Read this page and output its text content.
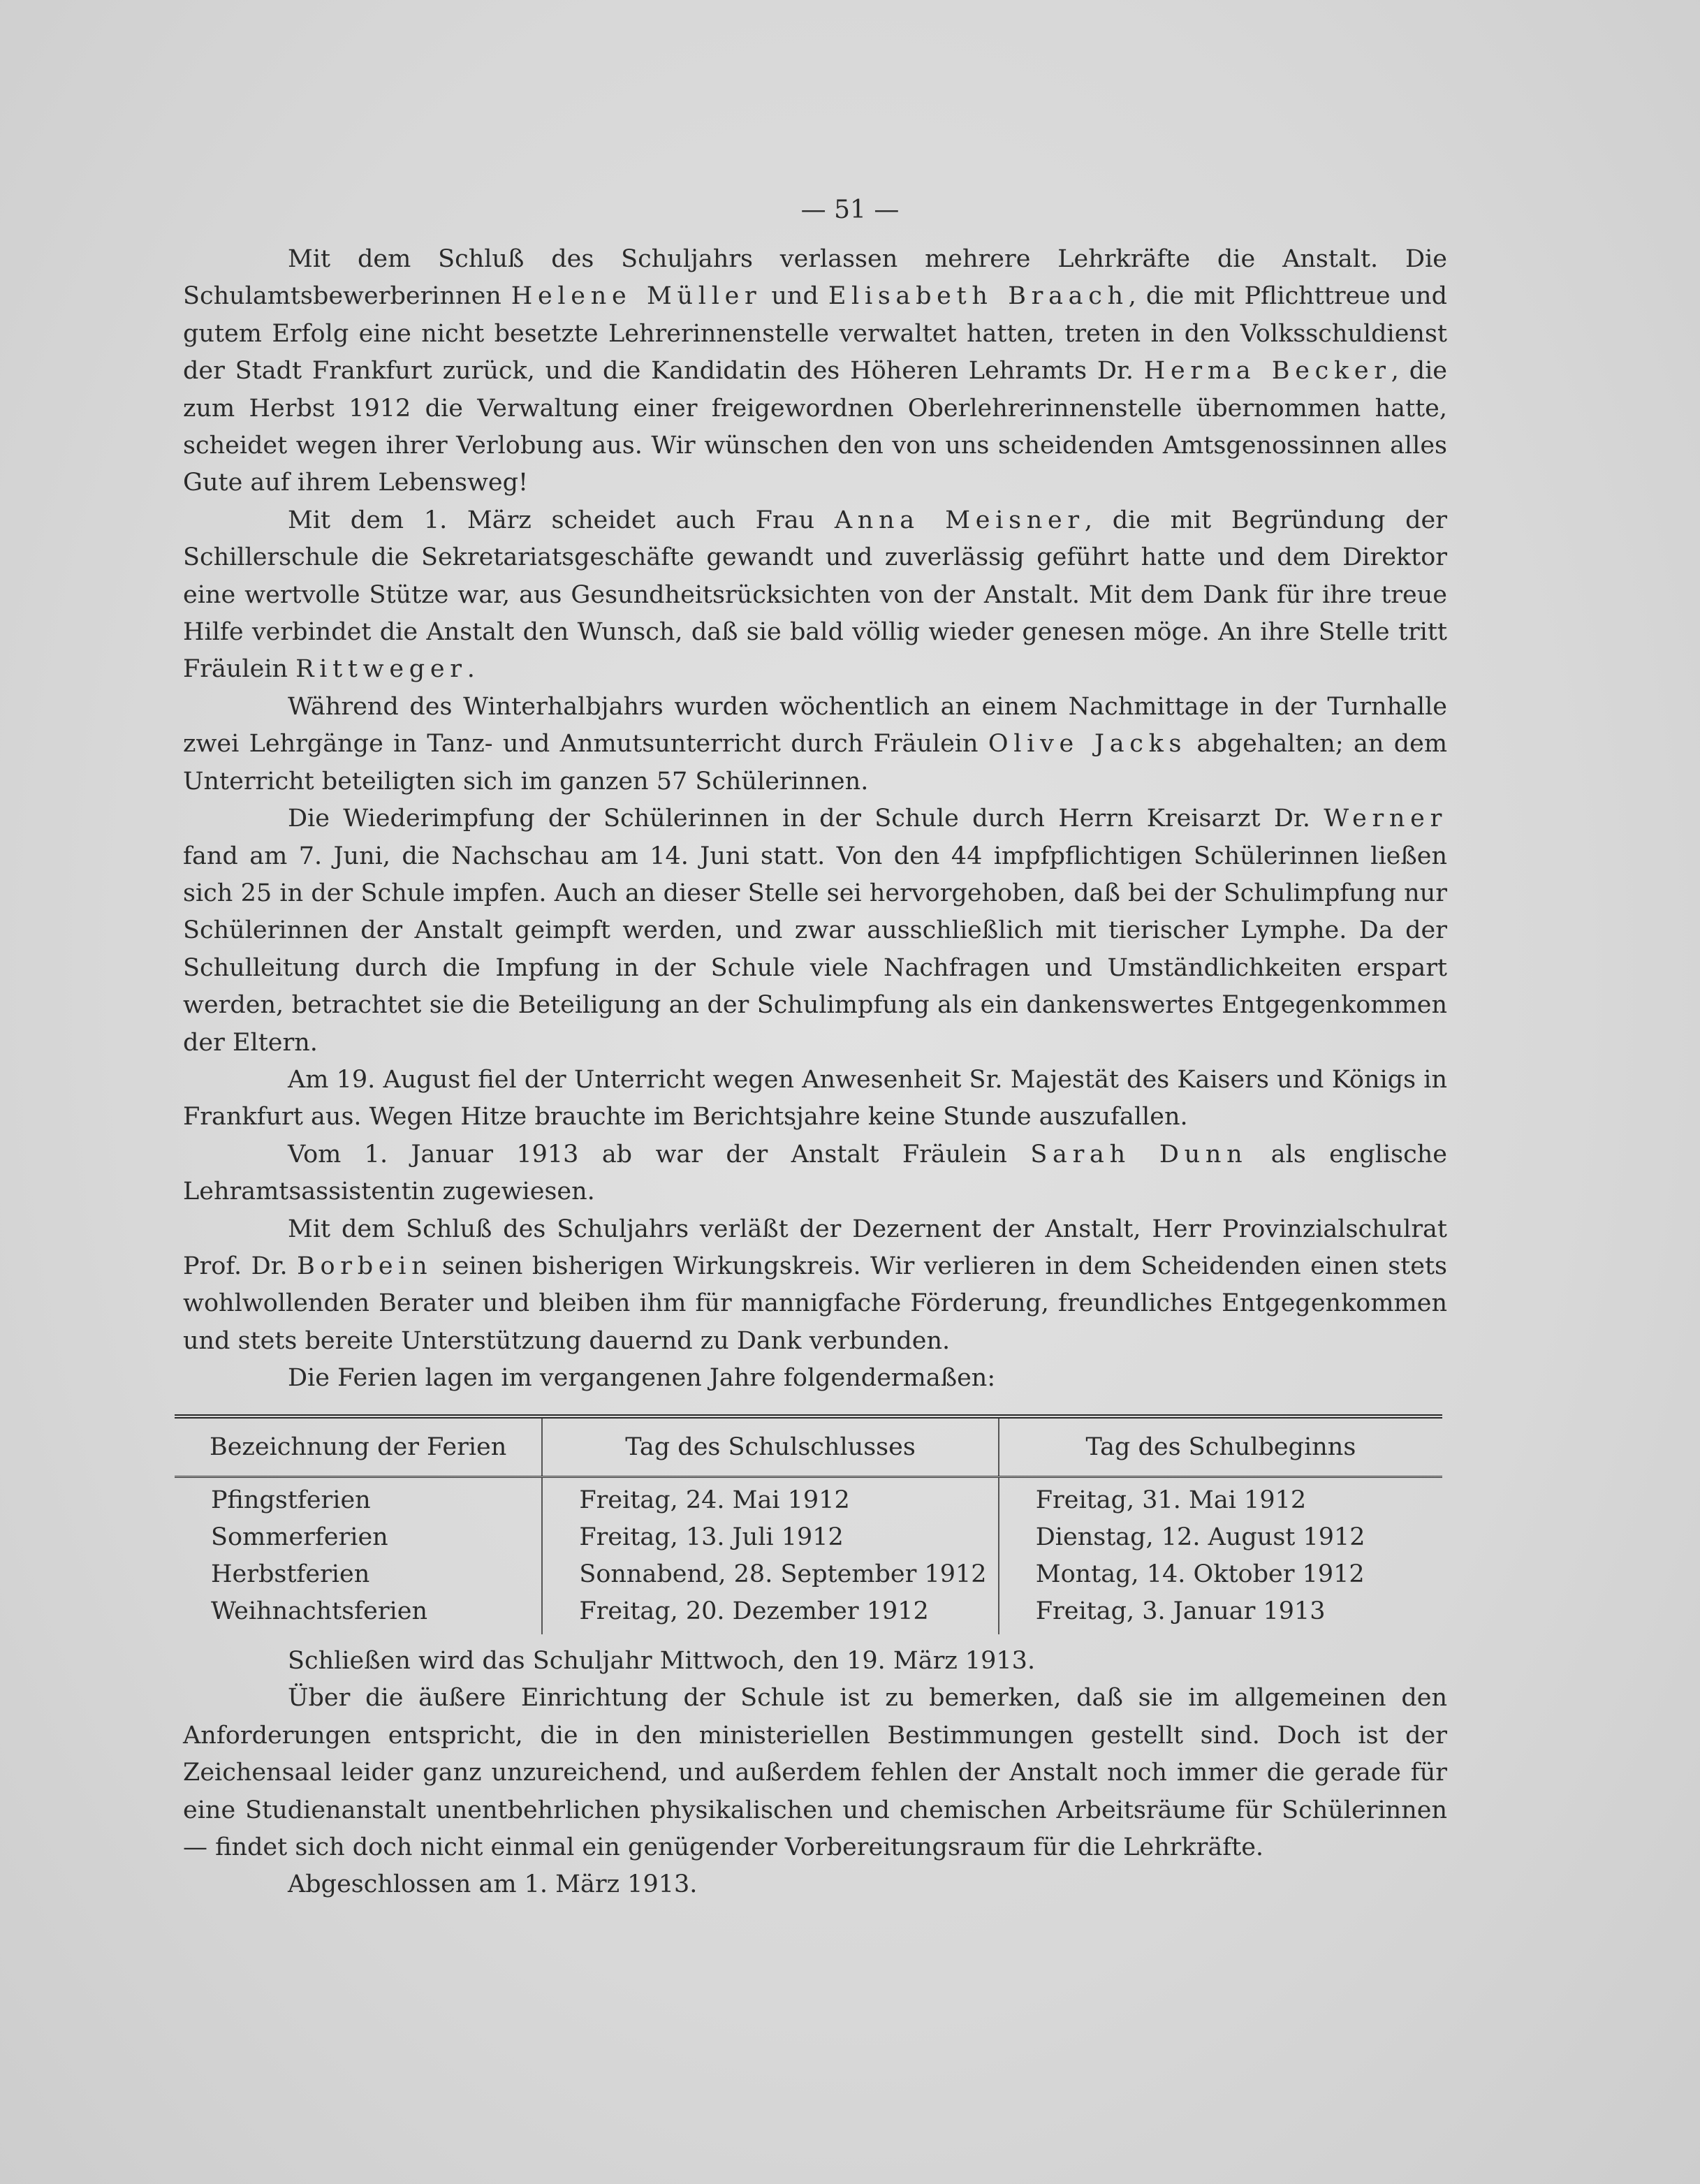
— 51 —

Mit dem Schluß des Schuljahrs verlassen mehrere Lehrkräfte die Anstalt. Die Schulamtsbewerberinnen Helene Müller und Elisabeth Braach, die mit Pflichttreue und gutem Erfolg eine nicht besetzte Lehrerinnenstelle verwaltet hatten, treten in den Volksschuldienst der Stadt Frankfurt zurück, und die Kandidatin des Höheren Lehramts Dr. Herma Becker, die zum Herbst 1912 die Verwaltung einer freigewordnen Oberlehrerinnenstelle übernommen hatte, scheidet wegen ihrer Verlobung aus. Wir wünschen den von uns scheidenden Amtsgenossinnen alles Gute auf ihrem Lebensweg!

Mit dem 1. März scheidet auch Frau Anna Meisner, die mit Begründung der Schillerschule die Sekretariatsgeschäfte gewandt und zuverlässig geführt hatte und dem Direktor eine wertvolle Stütze war, aus Gesundheitsrücksichten von der Anstalt. Mit dem Dank für ihre treue Hilfe verbindet die Anstalt den Wunsch, daß sie bald völlig wieder genesen möge. An ihre Stelle tritt Fräulein Rittweger.

Während des Winterhalbjahrs wurden wöchentlich an einem Nachmittage in der Turnhalle zwei Lehrgänge in Tanz- und Anmutsunterricht durch Fräulein Olive Jacks abgehalten; an dem Unterricht beteiligten sich im ganzen 57 Schülerinnen.

Die Wiederimpfung der Schülerinnen in der Schule durch Herrn Kreisarzt Dr. Werner fand am 7. Juni, die Nachschau am 14. Juni statt. Von den 44 impfpflichtigen Schülerinnen ließen sich 25 in der Schule impfen. Auch an dieser Stelle sei hervorgehoben, daß bei der Schulimpfung nur Schülerinnen der Anstalt geimpft werden, und zwar ausschließlich mit tierischer Lymphe. Da der Schulleitung durch die Impfung in der Schule viele Nachfragen und Umständlichkeiten erspart werden, betrachtet sie die Beteiligung an der Schulimpfung als ein dankenswertes Entgegenkommen der Eltern.

Am 19. August fiel der Unterricht wegen Anwesenheit Sr. Majestät des Kaisers und Königs in Frankfurt aus. Wegen Hitze brauchte im Berichtsjahre keine Stunde auszufallen.

Vom 1. Januar 1913 ab war der Anstalt Fräulein Sarah Dunn als englische Lehramtsassistentin zugewiesen.

Mit dem Schluß des Schuljahrs verläßt der Dezernent der Anstalt, Herr Provinzialschulrat Prof. Dr. Borbein seinen bisherigen Wirkungskreis. Wir verlieren in dem Scheidenden einen stets wohlwollenden Berater und bleiben ihm für mannigfache Förderung, freundliches Entgegenkommen und stets bereite Unterstützung dauernd zu Dank verbunden.

Die Ferien lagen im vergangenen Jahre folgendermaßen:

Bezeichnung der Ferien	Tag des Schulschlusses	Tag des Schulbeginns
Pfingstferien	Freitag, 24. Mai 1912	Freitag, 31. Mai 1912
Sommerferien	Freitag, 13. Juli 1912	Dienstag, 12. August 1912
Herbstferien	Sonnabend, 28. September 1912	Montag, 14. Oktober 1912
Weihnachtsferien	Freitag, 20. Dezember 1912	Freitag, 3. Januar 1913

Schließen wird das Schuljahr Mittwoch, den 19. März 1913.

Über die äußere Einrichtung der Schule ist zu bemerken, daß sie im allgemeinen den Anforderungen entspricht, die in den ministeriellen Bestimmungen gestellt sind. Doch ist der Zeichensaal leider ganz unzureichend, und außerdem fehlen der Anstalt noch immer die gerade für eine Studienanstalt unentbehrlichen physikalischen und chemischen Arbeitsräume für Schülerinnen — findet sich doch nicht einmal ein genügender Vorbereitungsraum für die Lehrkräfte.

Abgeschlossen am 1. März 1913.
